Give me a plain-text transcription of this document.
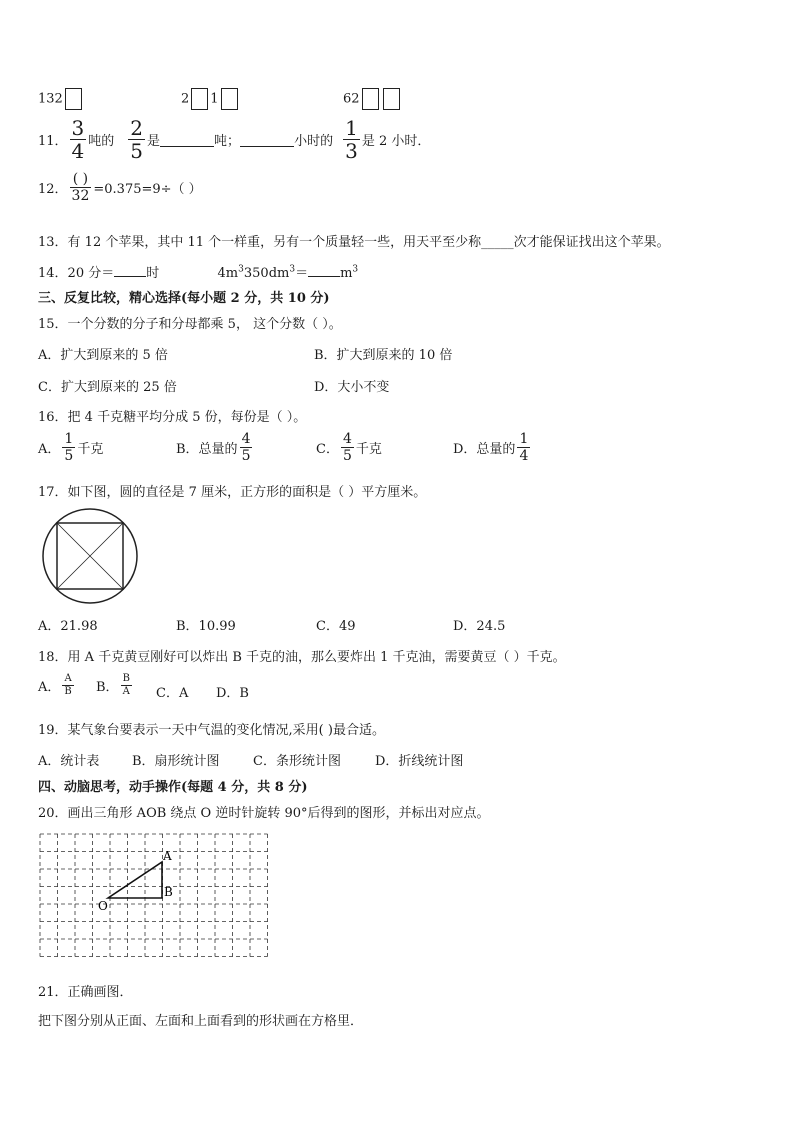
132	2 1	62
11． $\frac{3}{4}$ 吨的 $\frac{2}{5}$ 是	吨；	小时的 $\frac{1}{3}$ 是 2 小时．
12． $\frac{( )}{32} =0.375=9\div$（ ）
13．有 12 个苹果，其中 11 个一样重，另有一个质量轻一些，用天平至少称_____次才能保证找出这个苹果。
14．20 分＝ 时	$4m^3350dm^3= m^3$
三、反复比较，精心选择(每小题 2 分，共 10 分)
15．一个分数的分子和分母都乘 5， 这个分数（ ）。
A．扩大到原来的 5 倍	B．扩大到原来的 10 倍
C．扩大到原来的 25 倍	D．大小不变
16．把 4 千克糖平均分成 5 份，每份是（ ）。
A． $\frac{1}{5}$ 千克	B．总量的 $\frac{4}{5}$	C． $\frac{4}{5}$ 千克	D．总量的 $\frac{1}{4}$
17．如下图，圆的直径是 7 厘米，正方形的面积是（ ）平方厘米。
A．21.98	B．10.99	C．49	D．24.5
18．用 A 千克黄豆刚好可以炸出 B 千克的油，那么要炸出 1 千克油，需要黄豆（ ）千克。
A． $\frac{A}{B}$ B． $\frac{B}{A}$ C．A D．B
19．某气象台要表示一天中气温的变化情况,采用( )最合适。
A．统计表	B．扇形统计图	C．条形统计图	D．折线统计图
四、动脑思考，动手操作(每题 4 分，共 8 分)
20．画出三角形 AOB 绕点 O 逆时针旋转 90°后得到的图形，并标出对应点。
A
B
O
21．正确画图．
把下图分别从正面、左面和上面看到的形状画在方格里．
